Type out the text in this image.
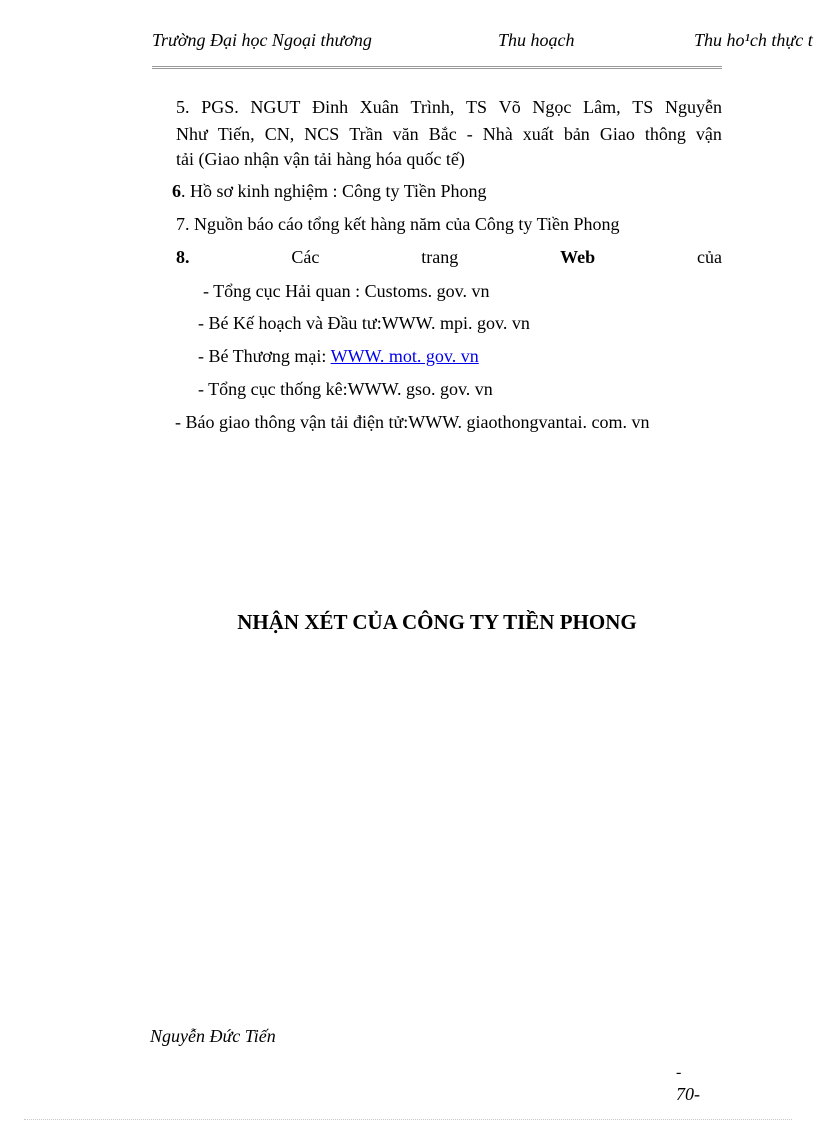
Trường Đại học Ngoại thương	Thu hoạch	Thu ho¹ch thực t
5. PGS. NGUT Đinh Xuân Trình, TS Võ Ngọc Lâm, TS Nguyễn
Như Tiến, CN, NCS Trần văn Bắc - Nhà xuất bản Giao thông vận
tải (Giao nhận vận tải hàng hóa quốc tế)
6. Hồ sơ kinh nghiệm : Công ty Tiền Phong
7. Nguồn báo cáo tổng kết hàng năm của Công ty Tiền Phong
8.	Các	trang	Web	của
- Tổng cục Hải quan : Customs. gov. vn
- Bé Kế hoạch và Đầu tư:WWW. mpi. gov. vn
- Bé Thương mại: WWW. mot. gov. vn
- Tổng cục thống kê:WWW. gso. gov. vn
- Báo giao thông vận tải điện tử:WWW. giaothongvantai. com. vn
NHẬN XÉT CỦA CÔNG TY TIỀN PHONG
Nguyễn Đức Tiến
-
70-
